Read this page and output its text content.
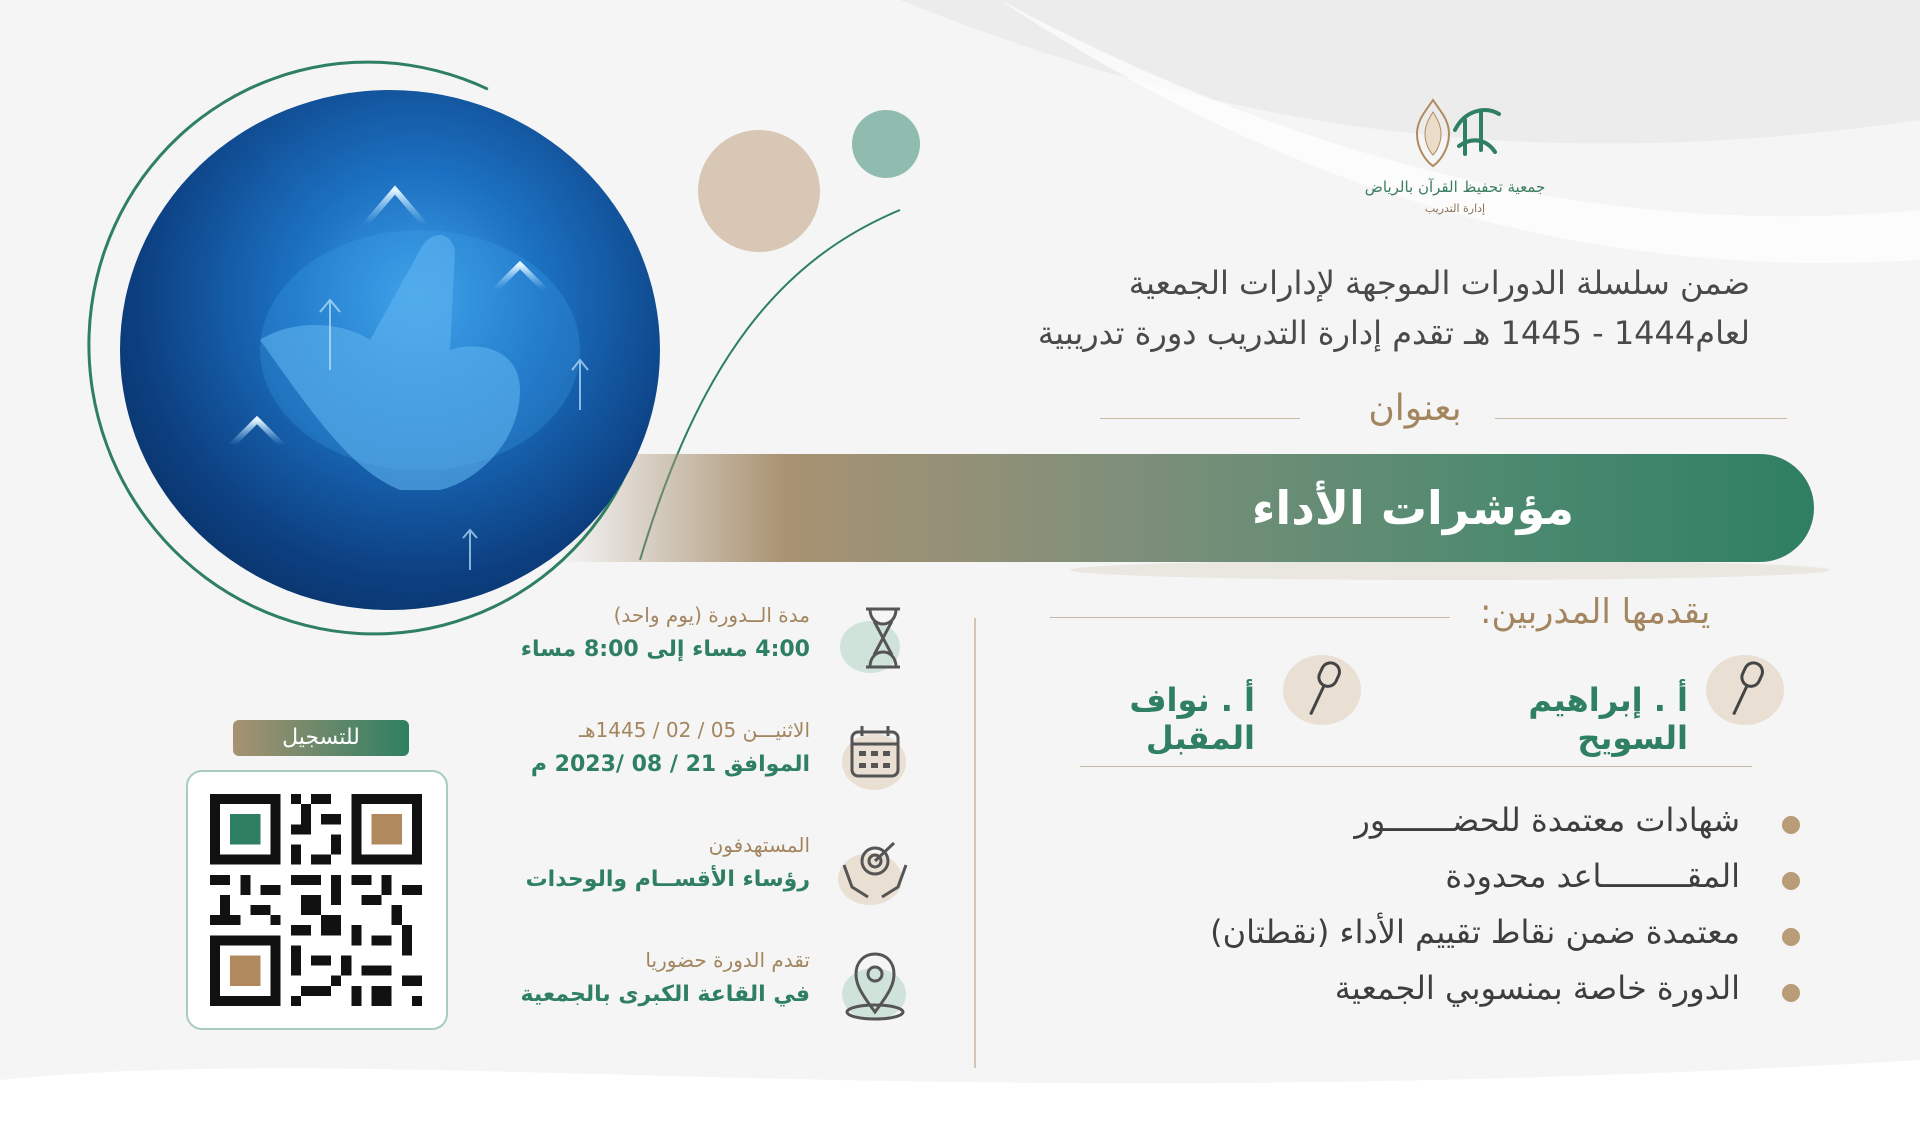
مؤشرات الأداء
جمعية تحفيظ القرآن بالرياض
إدارة التدريب
ضمن سلسلة الدورات الموجهة لإدارات الجمعية
لعام1444 - 1445 هـ تقدم إدارة التدريب دورة تدريبية
بعنوان
يقدمها المدربين:
أ . إبراهيم السويح
أ . نواف المقبل
شهادات معتمدة للحضـــــــور
المقـــــــــاعد محدودة
معتمدة ضمن نقاط تقييم الأداء (نقطتان)
الدورة خاصة بمنسوبي الجمعية
مدة الــدورة (يوم واحد)
4:00 مساء إلى 8:00 مساء
الاثنيـــن 05 / 02 / 1445هـ
الموافق 21 / 08 /2023 م
المستهدفون
رؤساء الأقســام والوحدات
تقدم الدورة حضوريا
في القاعة الكبرى بالجمعية
للتسجيل
